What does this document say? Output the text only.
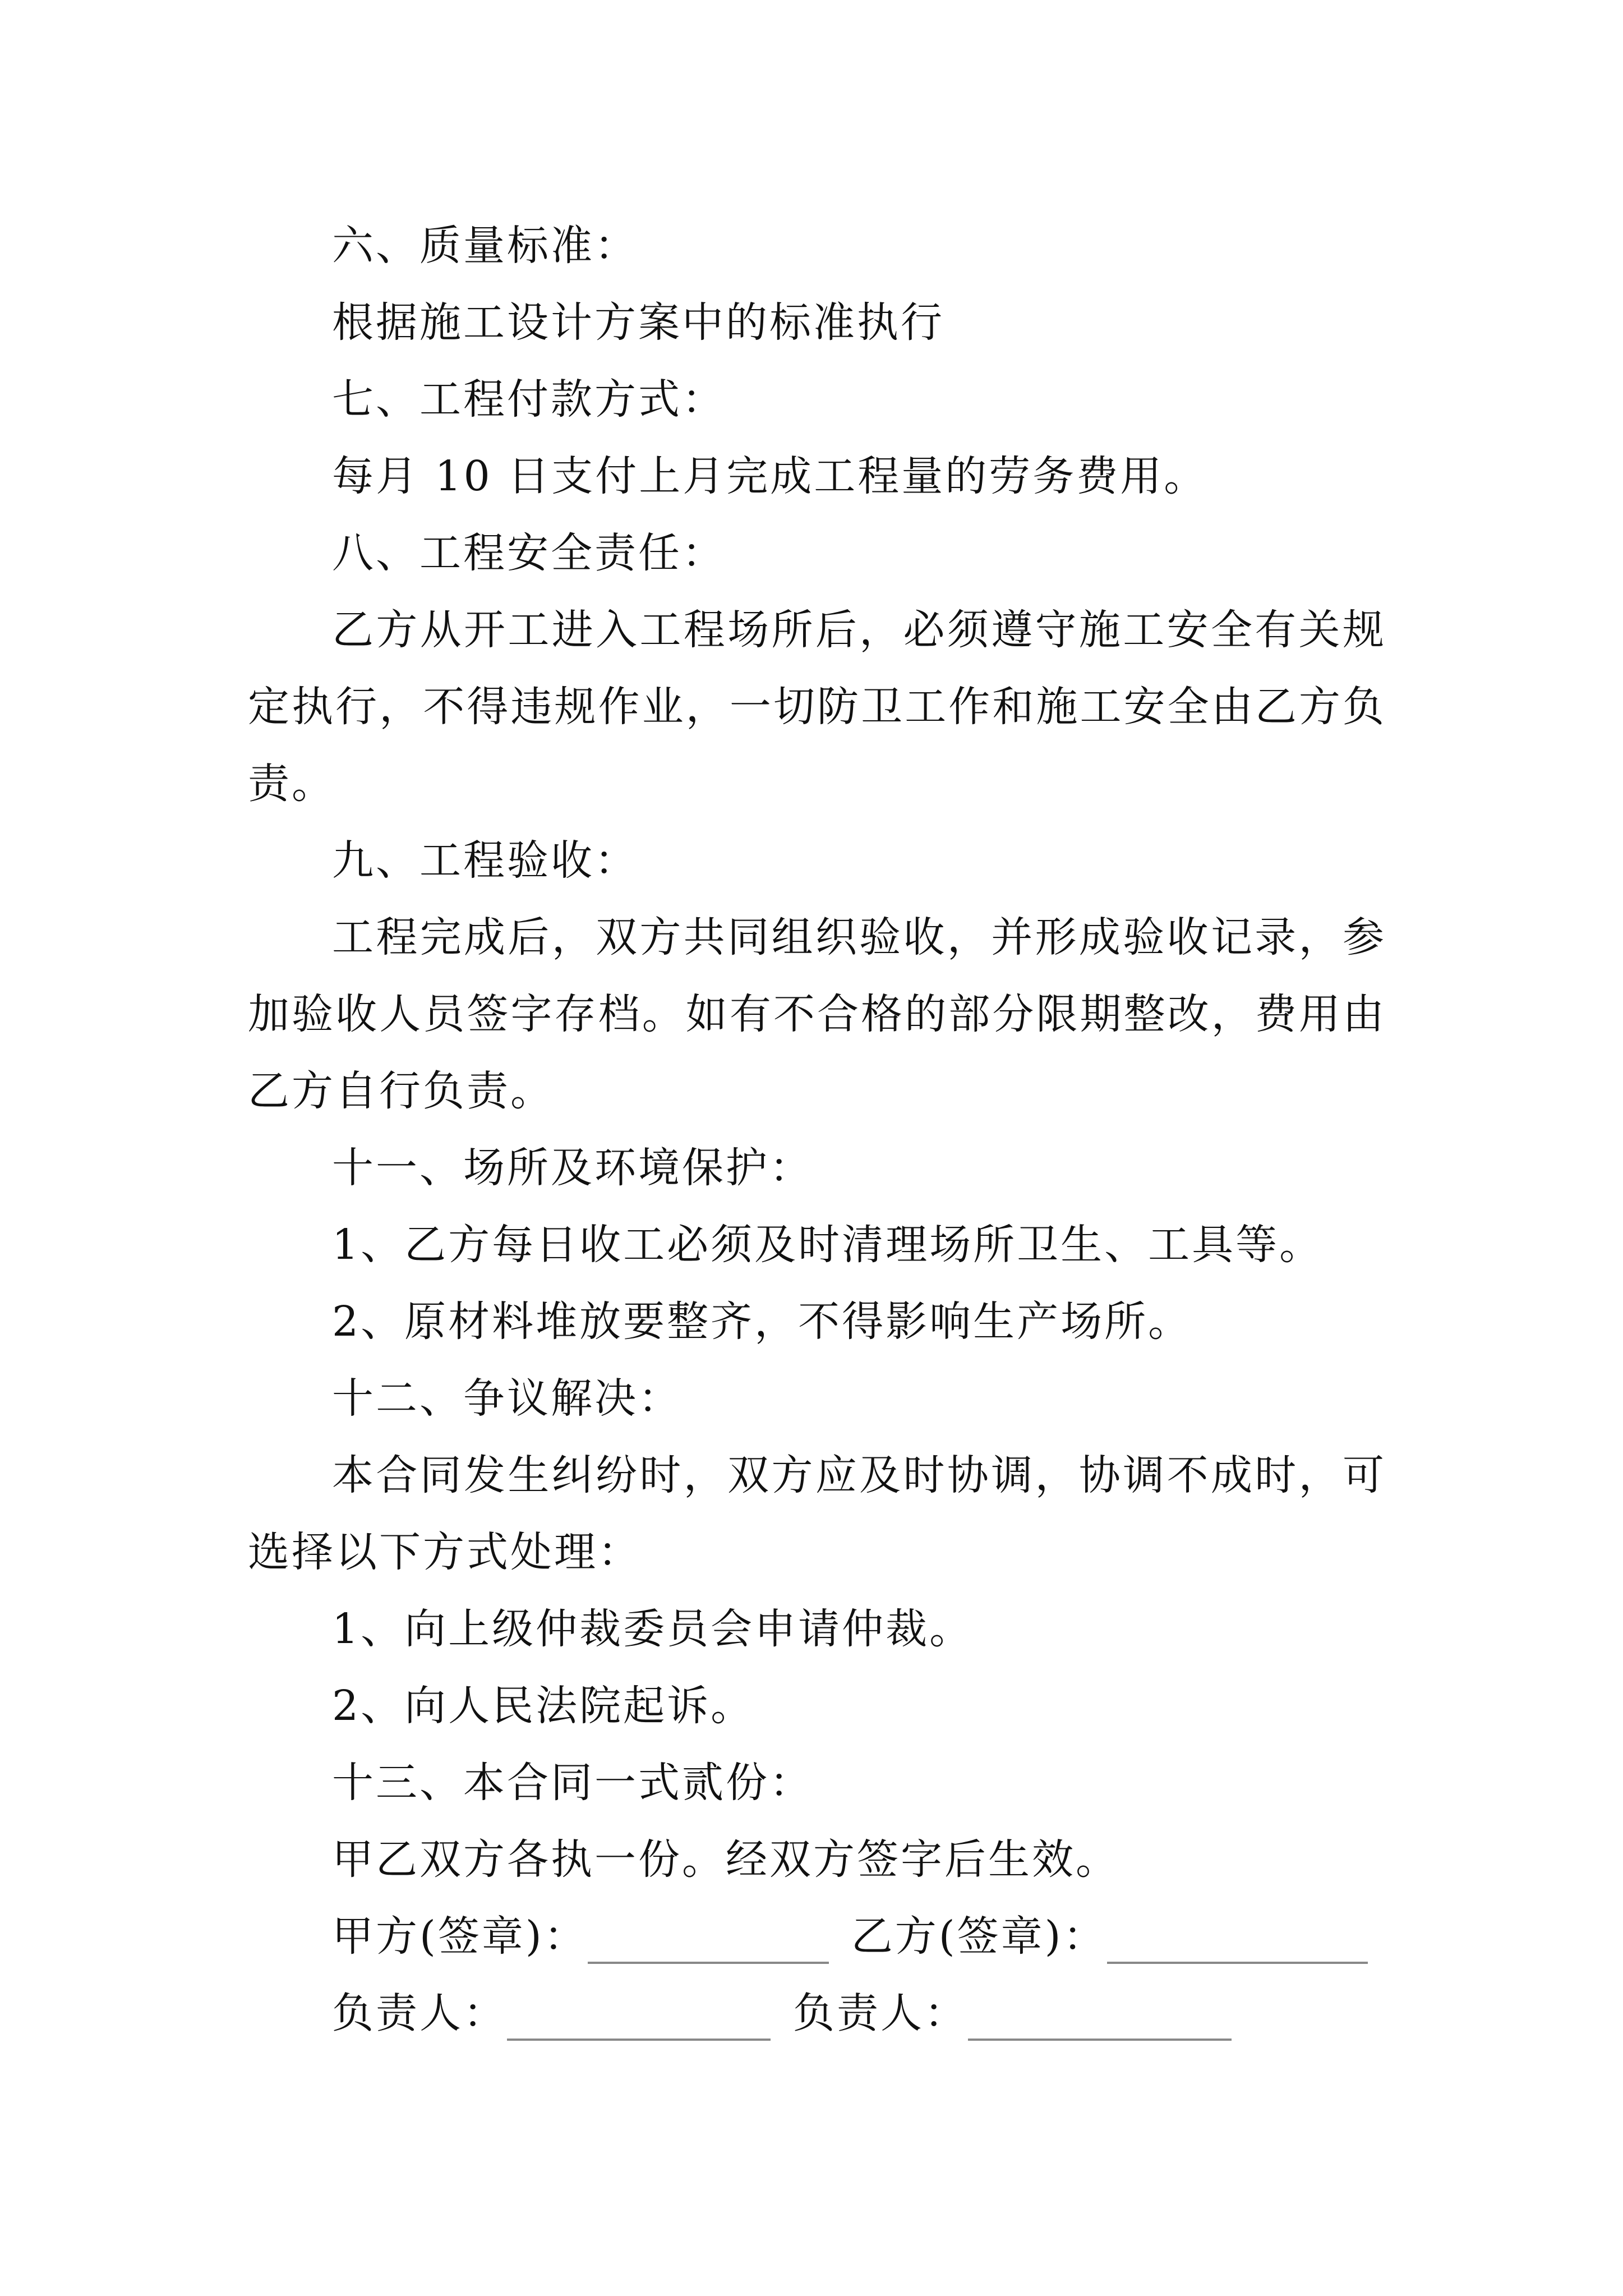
六、质量标准：

根据施工设计方案中的标准执行

七、工程付款方式：

每月 10 日支付上月完成工程量的劳务费用。

八、工程安全责任：

乙方从开工进入工程场所后，必须遵守施工安全有关规定执行，不得违规作业，一切防卫工作和施工安全由乙方负责。

九、工程验收：

工程完成后，双方共同组织验收，并形成验收记录，参加验收人员签字存档。如有不合格的部分限期整改，费用由乙方自行负责。

十一、场所及环境保护：

1、乙方每日收工必须及时清理场所卫生、工具等。

2、原材料堆放要整齐，不得影响生产场所。

十二、争议解决：

本合同发生纠纷时，双方应及时协调，协调不成时，可选择以下方式处理：

1、向上级仲裁委员会申请仲裁。

2、向人民法院起诉。

十三、本合同一式贰份：

甲乙双方各执一份。经双方签字后生效。

甲方(签章)：	乙方(签章)：
负责人：	负责人：
